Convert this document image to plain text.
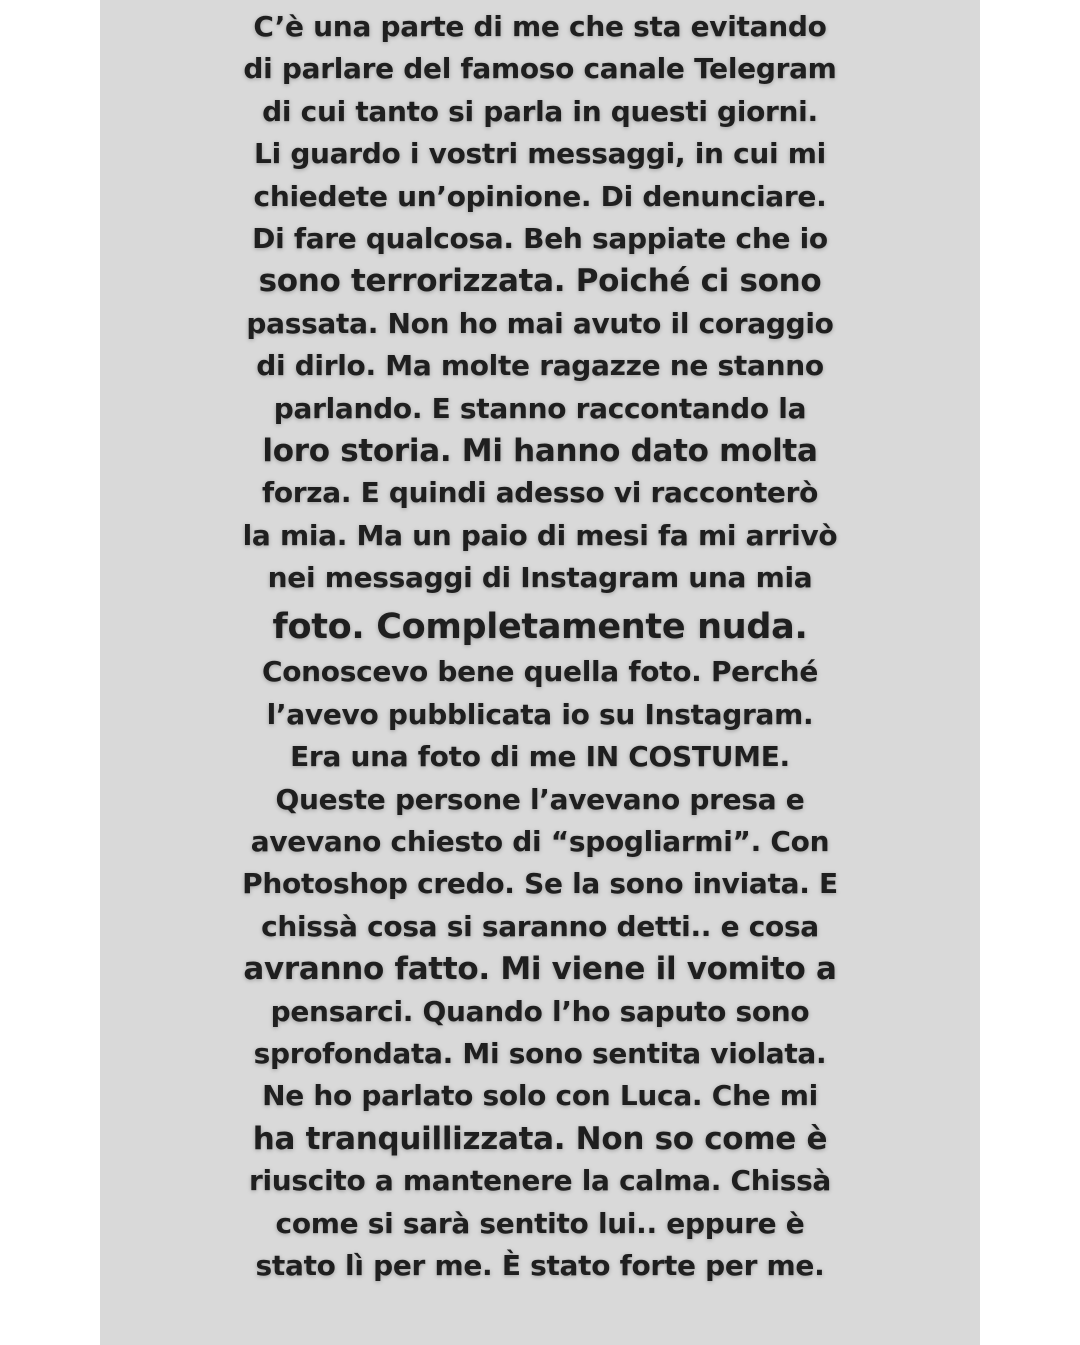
C’è una parte di me che sta evitando
di parlare del famoso canale Telegram
di cui tanto si parla in questi giorni.
Li guardo i vostri messaggi, in cui mi
chiedete un’opinione. Di denunciare.
Di fare qualcosa. Beh sappiate che io
sono terrorizzata. Poiché ci sono
passata. Non ho mai avuto il coraggio
di dirlo. Ma molte ragazze ne stanno
parlando. E stanno raccontando la
loro storia. Mi hanno dato molta
forza. E quindi adesso vi racconterò
la mia. Ma un paio di mesi fa mi arrivò
nei messaggi di Instagram una mia
foto. Completamente nuda.
Conoscevo bene quella foto. Perché
l’avevo pubblicata io su Instagram.
Era una foto di me IN COSTUME.
Queste persone l’avevano presa e
avevano chiesto di “spogliarmi”. Con
Photoshop credo. Se la sono inviata. E
chissà cosa si saranno detti.. e cosa
avranno fatto. Mi viene il vomito a
pensarci. Quando l’ho saputo sono
sprofondata. Mi sono sentita violata.
Ne ho parlato solo con Luca. Che mi
ha tranquillizzata. Non so come è
riuscito a mantenere la calma. Chissà
come si sarà sentito lui.. eppure è
stato lì per me. È stato forte per me.
